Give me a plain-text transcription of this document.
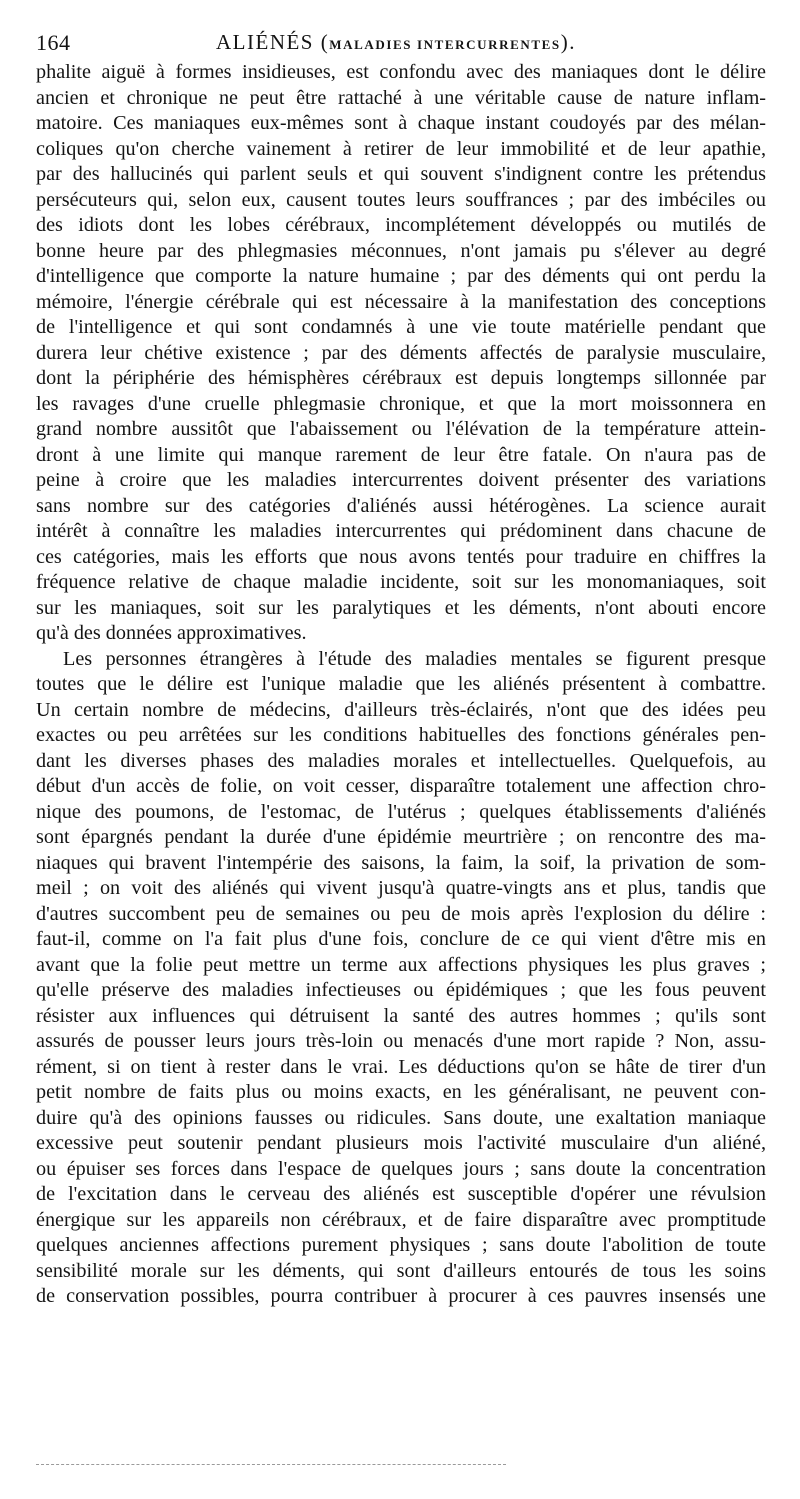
164	ALIÉNÉS (MALADIES INTERCURRENTES).
phalite aiguë à formes insidieuses, est confondu avec des maniaques dont le délire
ancien et chronique ne peut être rattaché à une véritable cause de nature inflam-
matoire. Ces maniaques eux-mêmes sont à chaque instant coudoyés par des mélan-
coliques qu'on cherche vainement à retirer de leur immobilité et de leur apathie,
par des hallucinés qui parlent seuls et qui souvent s'indignent contre les prétendus
persécuteurs qui, selon eux, causent toutes leurs souffrances ; par des imbéciles ou
des idiots dont les lobes cérébraux, incomplétement développés ou mutilés de
bonne heure par des phlegmasies méconnues, n'ont jamais pu s'élever au degré
d'intelligence que comporte la nature humaine ; par des déments qui ont perdu la
mémoire, l'énergie cérébrale qui est nécessaire à la manifestation des conceptions
de l'intelligence et qui sont condamnés à une vie toute matérielle pendant que
durera leur chétive existence ; par des déments affectés de paralysie musculaire,
dont la périphérie des hémisphères cérébraux est depuis longtemps sillonnée par
les ravages d'une cruelle phlegmasie chronique, et que la mort moissonnera en
grand nombre aussitôt que l'abaissement ou l'élévation de la température attein-
dront à une limite qui manque rarement de leur être fatale. On n'aura pas de
peine à croire que les maladies intercurrentes doivent présenter des variations
sans nombre sur des catégories d'aliénés aussi hétérogènes. La science aurait
intérêt à connaître les maladies intercurrentes qui prédominent dans chacune de
ces catégories, mais les efforts que nous avons tentés pour traduire en chiffres la
fréquence relative de chaque maladie incidente, soit sur les monomaniaques, soit
sur les maniaques, soit sur les paralytiques et les déments, n'ont abouti encore
qu'à des données approximatives.
Les personnes étrangères à l'étude des maladies mentales se figurent presque
toutes que le délire est l'unique maladie que les aliénés présentent à combattre.
Un certain nombre de médecins, d'ailleurs très-éclairés, n'ont que des idées peu
exactes ou peu arrêtées sur les conditions habituelles des fonctions générales pen-
dant les diverses phases des maladies morales et intellectuelles. Quelquefois, au
début d'un accès de folie, on voit cesser, disparaître totalement une affection chro-
nique des poumons, de l'estomac, de l'utérus ; quelques établissements d'aliénés
sont épargnés pendant la durée d'une épidémie meurtrière ; on rencontre des ma-
niaques qui bravent l'intempérie des saisons, la faim, la soif, la privation de som-
meil ; on voit des aliénés qui vivent jusqu'à quatre-vingts ans et plus, tandis que
d'autres succombent peu de semaines ou peu de mois après l'explosion du délire :
faut-il, comme on l'a fait plus d'une fois, conclure de ce qui vient d'être mis en
avant que la folie peut mettre un terme aux affections physiques les plus graves ;
qu'elle préserve des maladies infectieuses ou épidémiques ; que les fous peuvent
résister aux influences qui détruisent la santé des autres hommes ; qu'ils sont
assurés de pousser leurs jours très-loin ou menacés d'une mort rapide ? Non, assu-
rément, si on tient à rester dans le vrai. Les déductions qu'on se hâte de tirer d'un
petit nombre de faits plus ou moins exacts, en les généralisant, ne peuvent con-
duire qu'à des opinions fausses ou ridicules. Sans doute, une exaltation maniaque
excessive peut soutenir pendant plusieurs mois l'activité musculaire d'un aliéné,
ou épuiser ses forces dans l'espace de quelques jours ; sans doute la concentration
de l'excitation dans le cerveau des aliénés est susceptible d'opérer une révulsion
énergique sur les appareils non cérébraux, et de faire disparaître avec promptitude
quelques anciennes affections purement physiques ; sans doute l'abolition de toute
sensibilité morale sur les déments, qui sont d'ailleurs entourés de tous les soins
de conservation possibles, pourra contribuer à procurer à ces pauvres insensés une
